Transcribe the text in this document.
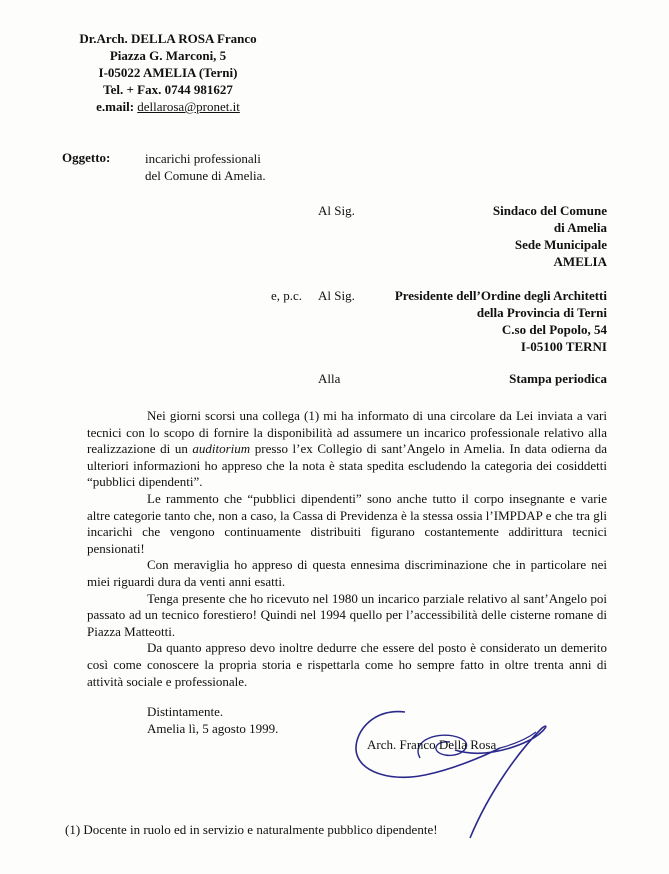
Dr.Arch. DELLA ROSA Franco
Piazza G. Marconi, 5
I-05022 AMELIA (Terni)
Tel. + Fax. 0744 981627
e.mail: dellarosa@pronet.it
Oggetto:	incarichi professionali
del Comune di Amelia.
Al Sig.	Sindaco del Comune
di Amelia
Sede Municipale
AMELIA
e, p.c. Al Sig.	Presidente dell’Ordine degli Architetti
della Provincia di Terni
C.so del Popolo, 54
I-05100 TERNI
Alla	Stampa periodica

Nei giorni scorsi una collega (1) mi ha informato di una circolare da Lei inviata a vari tecnici con lo scopo di fornire la disponibilità ad assumere un incarico professionale relativo alla realizzazione di un auditorium presso l’ex Collegio di sant’Angelo in Amelia. In data odierna da ulteriori informazioni ho appreso che la nota è stata spedita escludendo la categoria dei cosiddetti “pubblici dipendenti”.

Le rammento che “pubblici dipendenti” sono anche tutto il corpo insegnante e varie altre categorie tanto che, non a caso, la Cassa di Previdenza è la stessa ossia l’IMPDAP e che tra gli incarichi che vengono continuamente distribuiti figurano costantemente addirittura tecnici pensionati!

Con meraviglia ho appreso di questa ennesima discriminazione che in particolare nei miei riguardi dura da venti anni esatti.

Tenga presente che ho ricevuto nel 1980 un incarico parziale relativo al sant’Angelo poi passato ad un tecnico forestiero! Quindi nel 1994 quello per l’accessibilità delle cisterne romane di Piazza Matteotti.

Da quanto appreso devo inoltre dedurre che essere del posto è considerato un demerito così come conoscere la propria storia e rispettarla come ho sempre fatto in oltre trenta anni di attività sociale e professionale.

Distintamente.
Amelia lì, 5 agosto 1999.
Arch. Franco Della Rosa
(1) Docente in ruolo ed in servizio e naturalmente pubblico dipendente!
